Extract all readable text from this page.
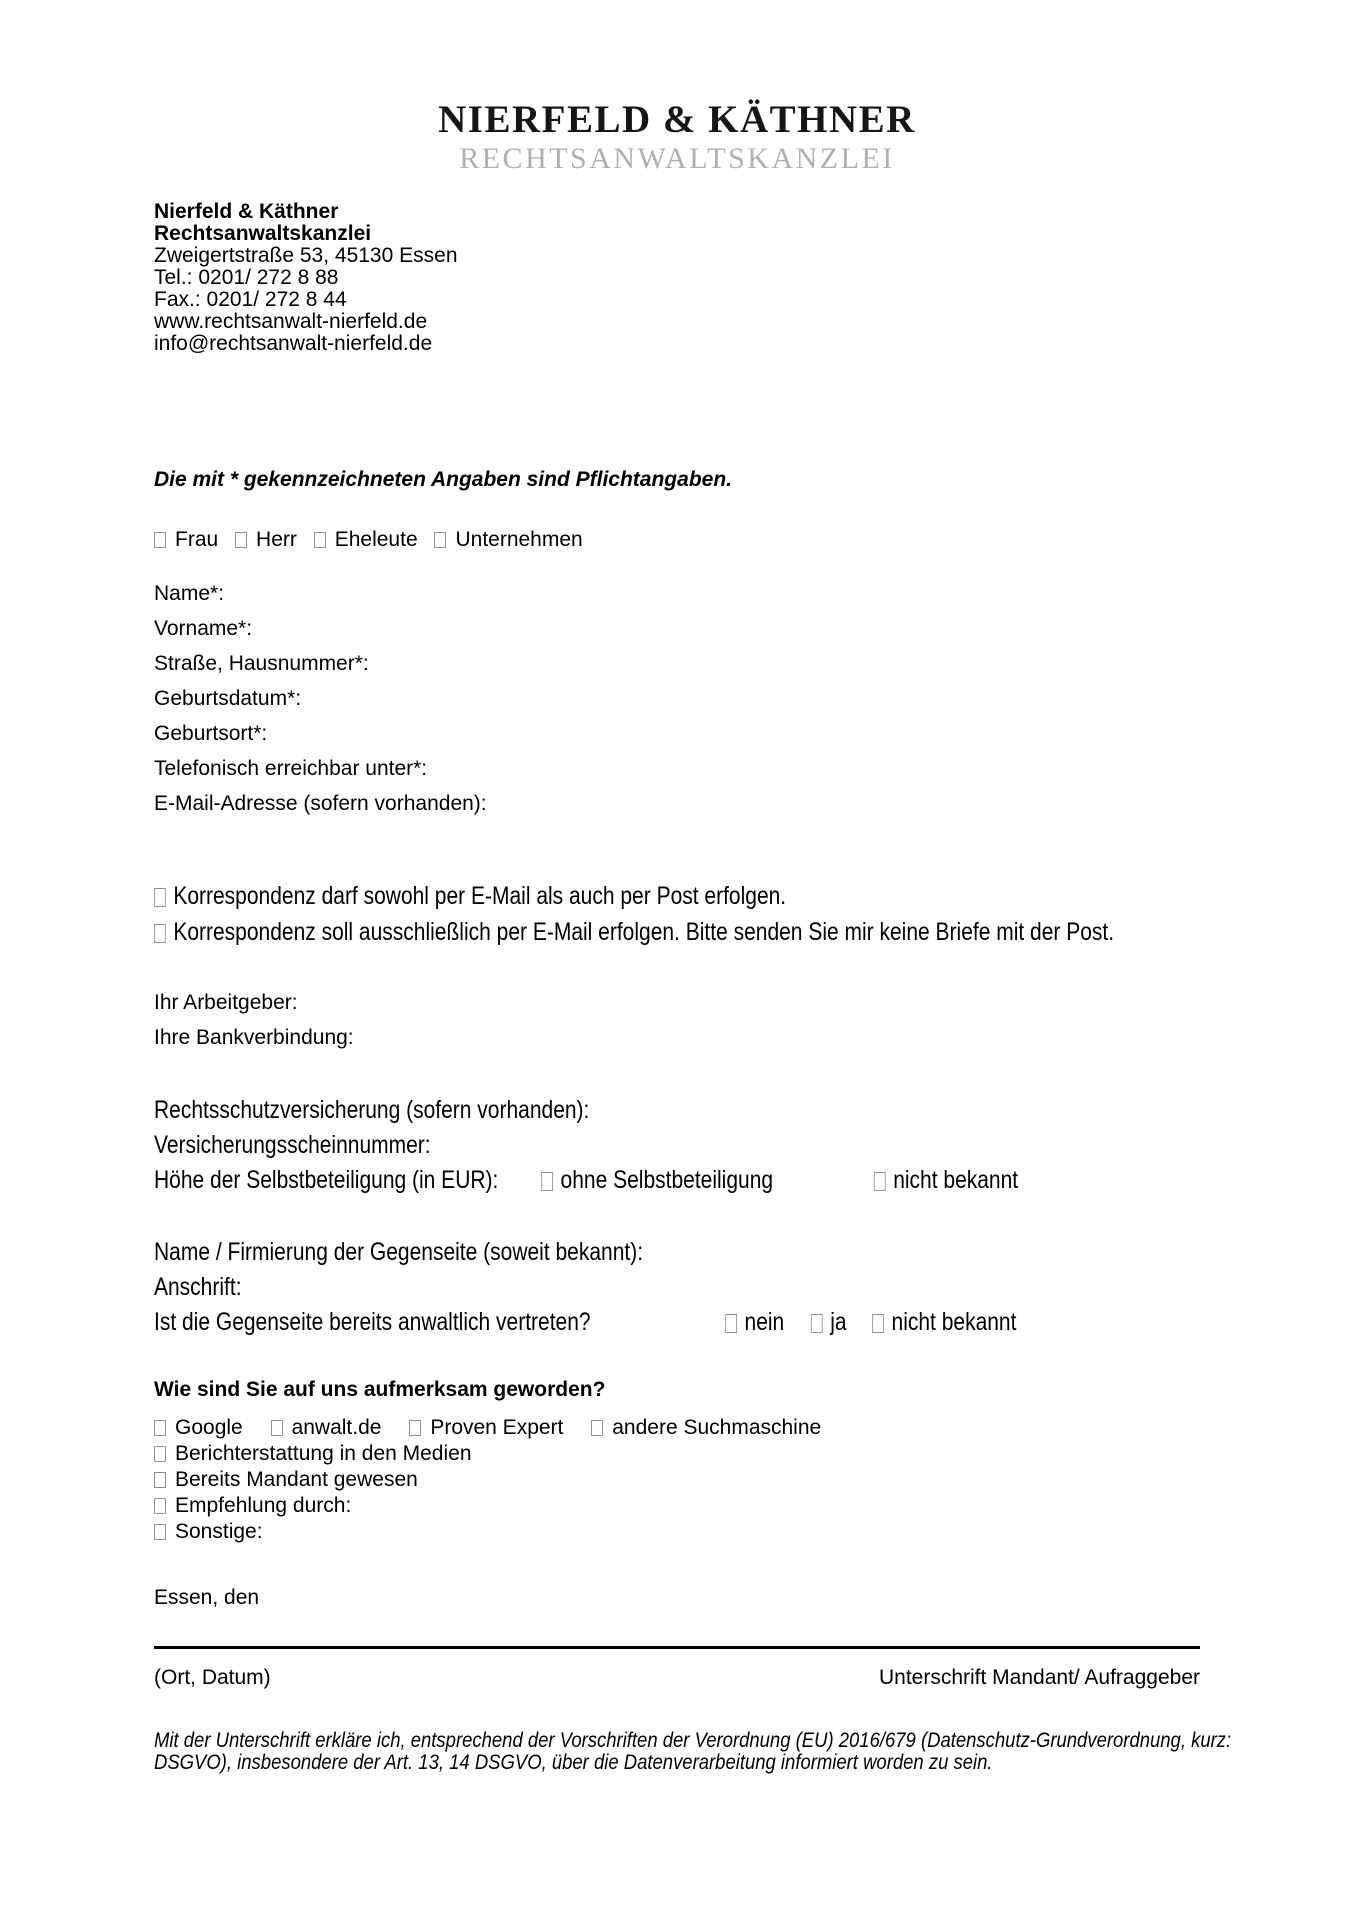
NIERFELD & KÄTHNER
RECHTSANWALTSKANZLEI
Nierfeld & Käthner
Rechtsanwaltskanzlei
Zweigertstraße 53, 45130 Essen
Tel.: 0201/ 272 8 88
Fax.: 0201/ 272 8 44
www.rechtsanwalt-nierfeld.de
info@rechtsanwalt-nierfeld.de
Die mit * gekennzeichneten Angaben sind Pflichtangaben.
Frau Herr Eheleute Unternehmen
Name*:
Vorname*:
Straße, Hausnummer*:
Geburtsdatum*:
Geburtsort*:
Telefonisch erreichbar unter*:
E-Mail-Adresse (sofern vorhanden):
Korrespondenz darf sowohl per E-Mail als auch per Post erfolgen.
Korrespondenz soll ausschließlich per E-Mail erfolgen. Bitte senden Sie mir keine Briefe mit der Post.
Ihr Arbeitgeber:
Ihre Bankverbindung:
Rechtsschutzversicherung (sofern vorhanden):
Versicherungsscheinnummer:
Höhe der Selbstbeteiligung (in EUR):	ohne Selbstbeteiligung	nicht bekannt
Name / Firmierung der Gegenseite (soweit bekannt):
Anschrift:
Ist die Gegenseite bereits anwaltlich vertreten?	nein	ja	nicht bekannt
Wie sind Sie auf uns aufmerksam geworden?
Google anwalt.de Proven Expert andere Suchmaschine
Berichterstattung in den Medien
Bereits Mandant gewesen
Empfehlung durch:
Sonstige:
Essen, den
(Ort, Datum)	Unterschrift Mandant/ Aufraggeber
Mit der Unterschrift erkläre ich, entsprechend der Vorschriften der Verordnung (EU) 2016/679 (Datenschutz-Grundverordnung, kurz:
DSGVO), insbesondere der Art. 13, 14 DSGVO, über die Datenverarbeitung informiert worden zu sein.
